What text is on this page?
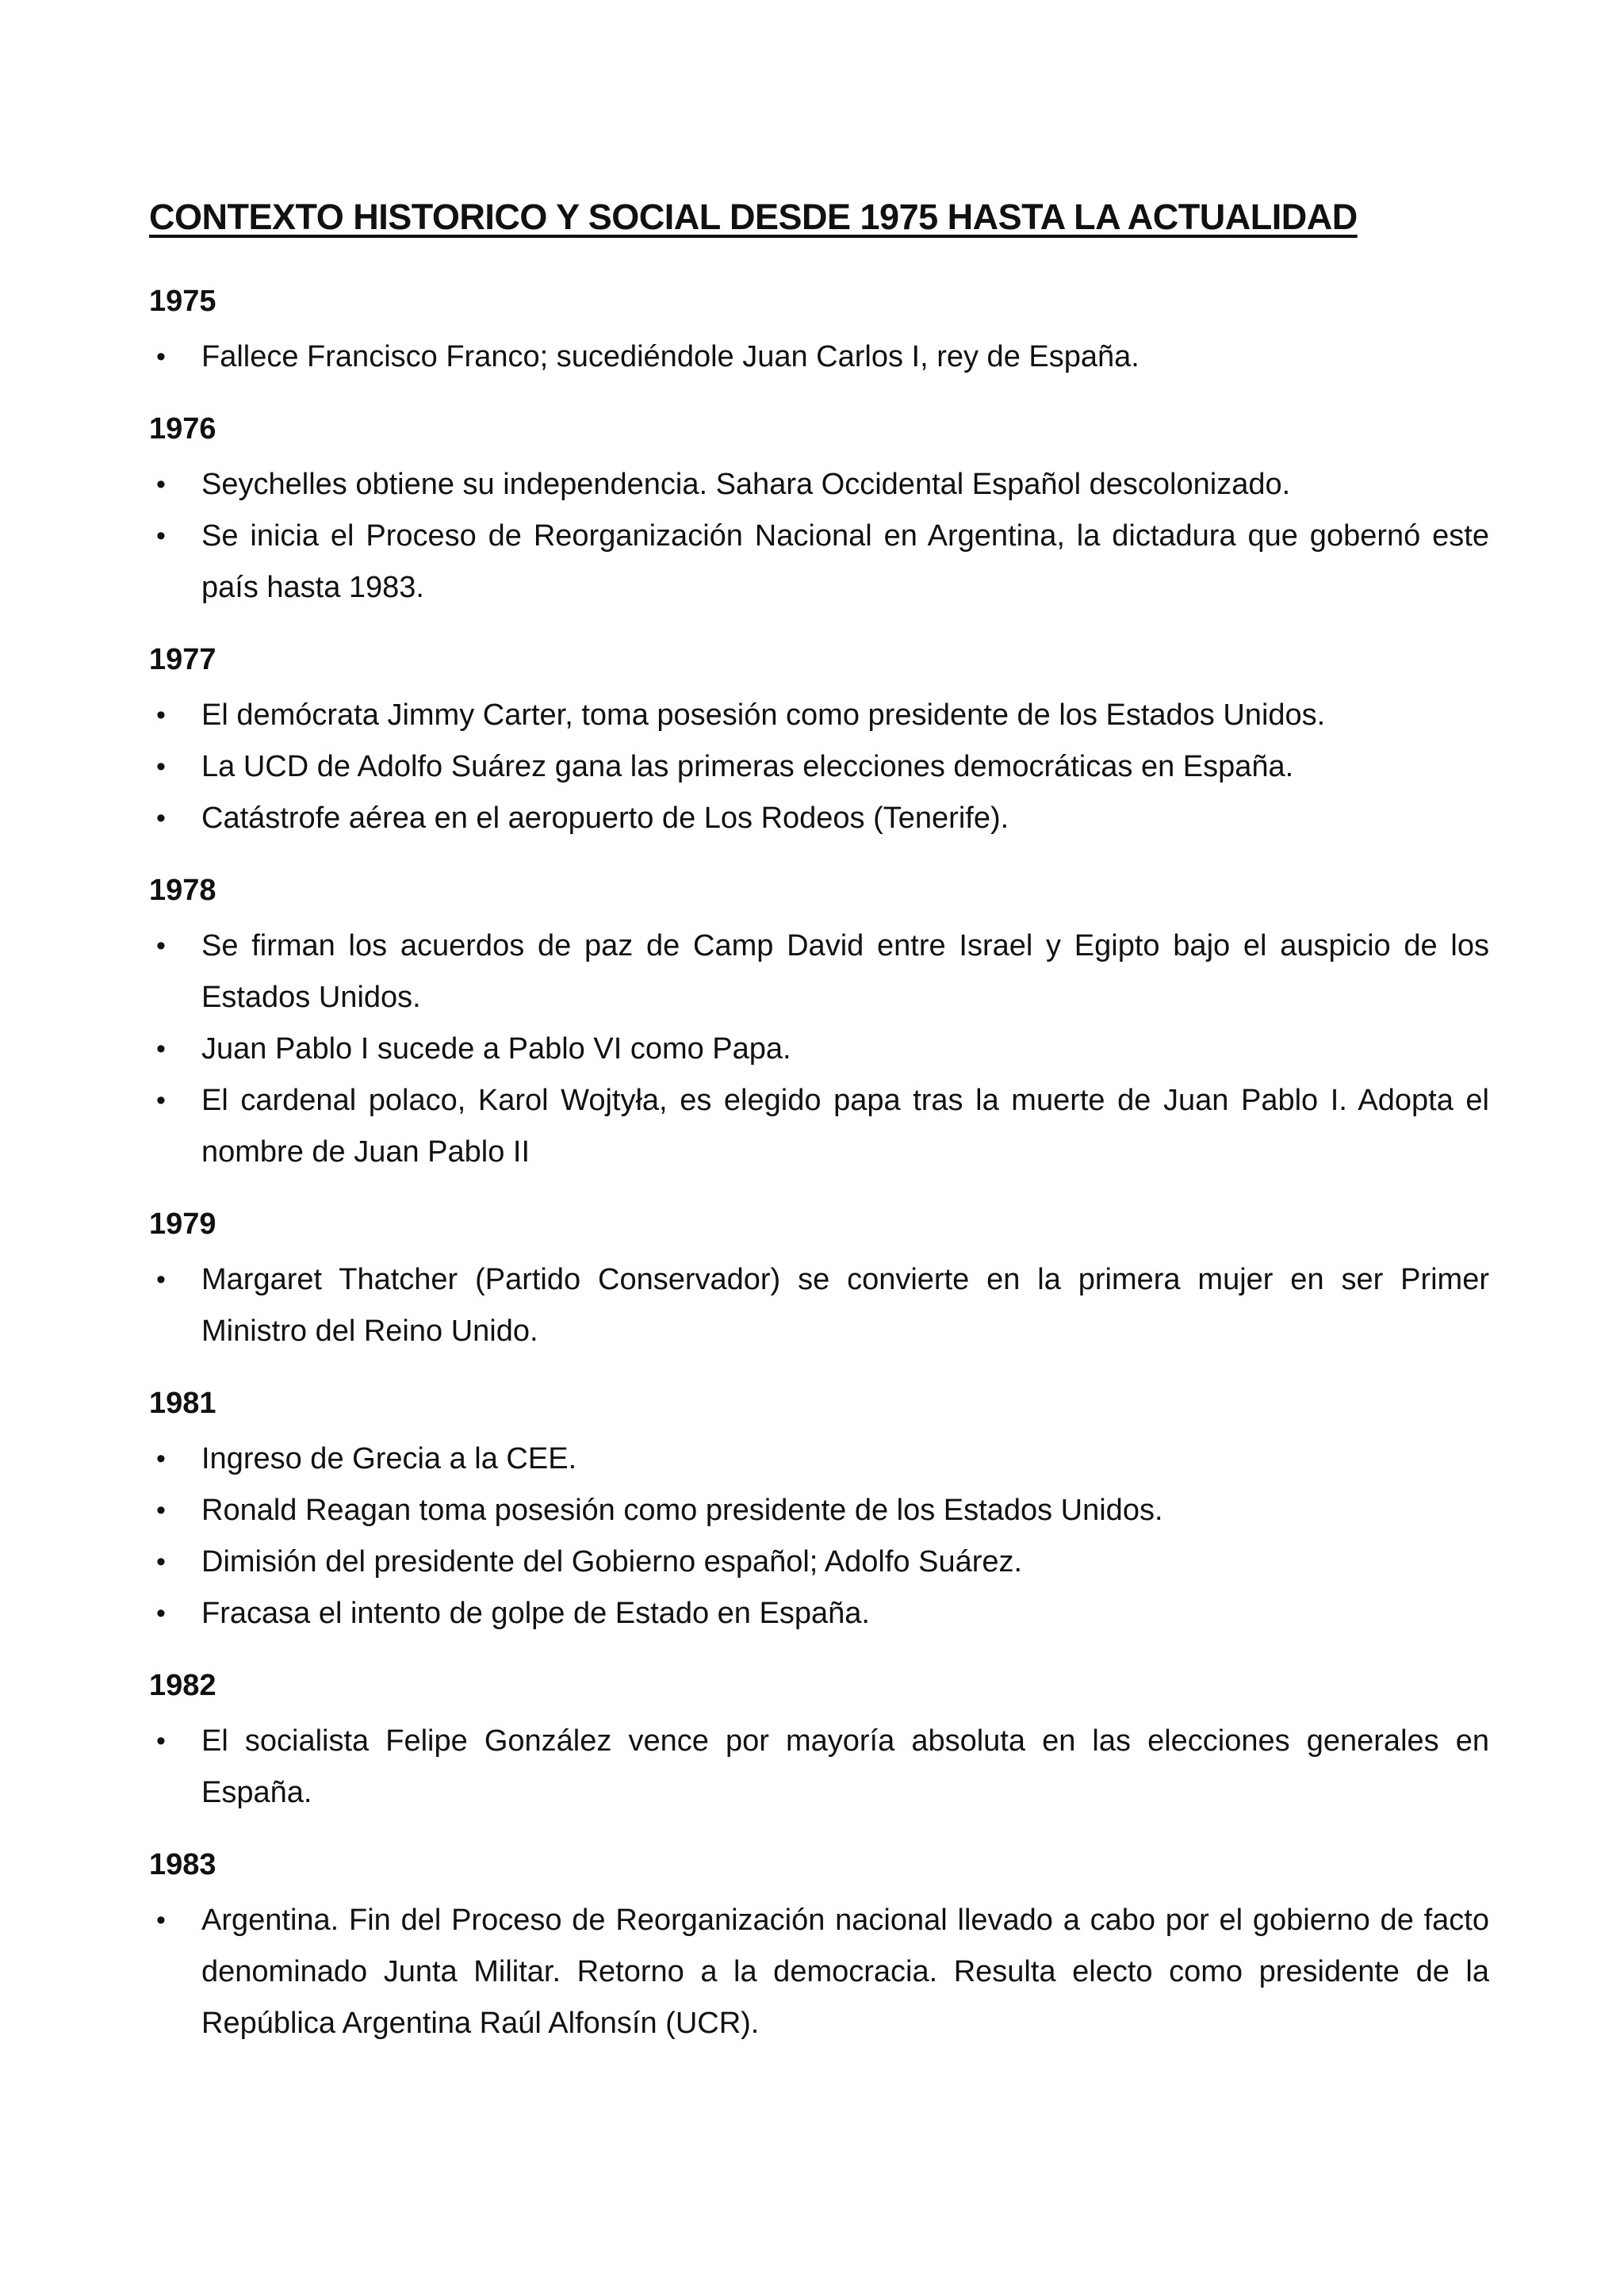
CONTEXTO HISTORICO Y SOCIAL DESDE 1975 HASTA LA ACTUALIDAD
1975
• Fallece Francisco Franco; sucediéndole Juan Carlos I, rey de España.
1976
• Seychelles obtiene su independencia. Sahara Occidental Español descolonizado.
• Se inicia el Proceso de Reorganización Nacional en Argentina, la dictadura que gobernó este país hasta 1983.
1977
• El demócrata Jimmy Carter, toma posesión como presidente de los Estados Unidos.
• La UCD de Adolfo Suárez gana las primeras elecciones democráticas en España.
• Catástrofe aérea en el aeropuerto de Los Rodeos (Tenerife).
1978
• Se firman los acuerdos de paz de Camp David entre Israel y Egipto bajo el auspicio de los Estados Unidos.
• Juan Pablo I sucede a Pablo VI como Papa.
• El cardenal polaco, Karol Wojtyła, es elegido papa tras la muerte de Juan Pablo I. Adopta el nombre de Juan Pablo II
1979
• Margaret Thatcher (Partido Conservador) se convierte en la primera mujer en ser Primer Ministro del Reino Unido.
1981
• Ingreso de Grecia a la CEE.
• Ronald Reagan toma posesión como presidente de los Estados Unidos.
• Dimisión del presidente del Gobierno español; Adolfo Suárez.
• Fracasa el intento de golpe de Estado en España.
1982
• El socialista Felipe González vence por mayoría absoluta en las elecciones generales en España.
1983
• Argentina. Fin del Proceso de Reorganización nacional llevado a cabo por el gobierno de facto denominado Junta Militar. Retorno a la democracia. Resulta electo como presidente de la República Argentina Raúl Alfonsín (UCR).
